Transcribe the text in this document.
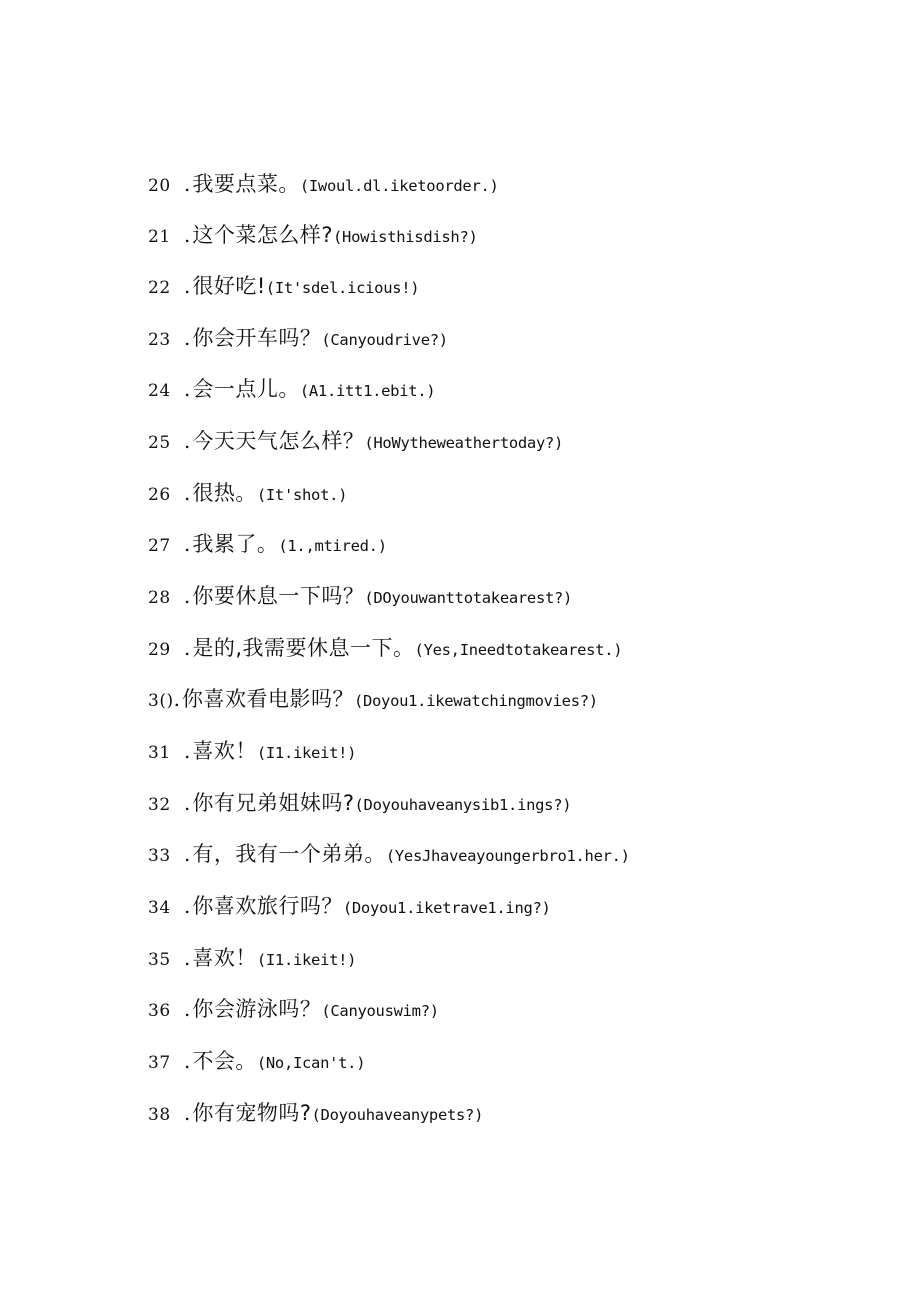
20 . 我要点菜。 (Iwoul.dl.iketoorder.)
21 . 这个菜怎么样? (Howisthisdish?)
22 . 很好吃! (It'sdel.icious!)
23 . 你会开车吗？ (Canyoudrive?)
24 . 会一点儿。 (A1.itt1.ebit.)
25 . 今天天气怎么样？ (HoWytheweathertoday?)
26 . 很热。 (It'shot.)
27 . 我累了。 (1.,mtired.)
28 . 你要休息一下吗？ (DOyouwanttotakearest?)
29 . 是的,我需要休息一下。 (Yes,Ineedtotakearest.)
3() . 你喜欢看电影吗？ (Doyou1.ikewatchingmovies?)
31 . 喜欢！ (I1.ikeit!)
32 . 你有兄弟姐妹吗? (Doyouhaveanysib1.ings?)
33 . 有，我有一个弟弟。 (YesJhaveayoungerbro1.her.)
34 . 你喜欢旅行吗？ (Doyou1.iketrave1.ing?)
35 . 喜欢！ (I1.ikeit!)
36 . 你会游泳吗？ (Canyouswim?)
37 . 不会。 (No,Ican't.)
38 . 你有宠物吗? (Doyouhaveanypets?)
